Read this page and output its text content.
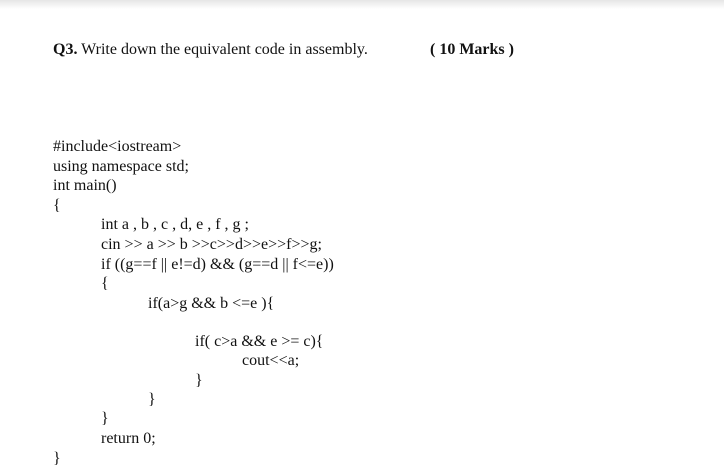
Q3. Write down the equivalent code in assembly.	( 10 Marks )
#include<iostream>
using namespace std;
int main()
{
int a , b , c , d, e , f , g ;
cin >> a >> b >>c>>d>>e>>f>>g;
if ((g==f || e!=d) && (g==d || f<=e))
{
if(a>g && b <=e ){
if( c>a && e >= c){
cout<<a;
}
}
}
return 0;
}
